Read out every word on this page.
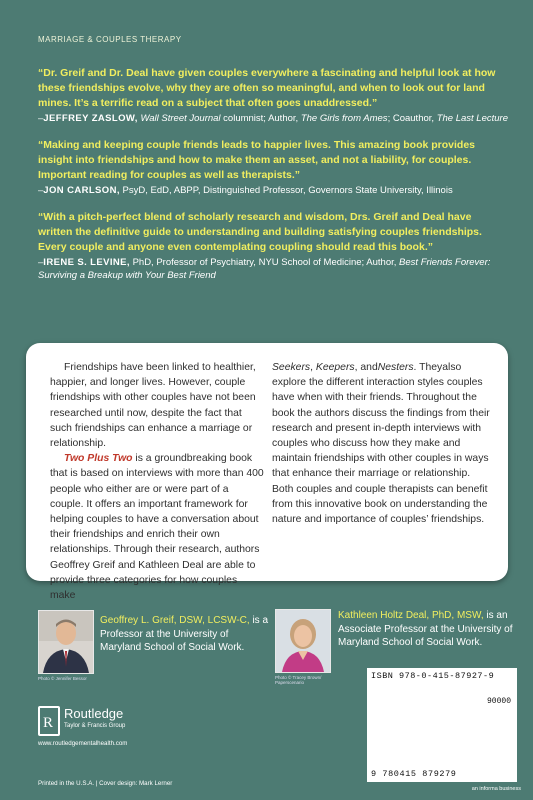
MARRIAGE & COUPLES THERAPY

“Dr. Greif and Dr. Deal have given couples everywhere a fascinating and helpful look at how these friendships evolve, why they are often so meaningful, and when to look out for land mines. It’s a terrific read on a subject that often goes unaddressed.”

–JEFFREY ZASLOW, Wall Street Journal columnist; Author, The Girls from Ames; Coauthor, The Last Lecture

“Making and keeping couple friends leads to happier lives. This amazing book provides insight into friendships and how to make them an asset, and not a liability, for couples. Important reading for couples as well as therapists.”

–JON CARLSON, PsyD, EdD, ABPP, Distinguished Professor, Governors State University, Illinois

“With a pitch-perfect blend of scholarly research and wisdom, Drs. Greif and Deal have written the definitive guide to understanding and building satisfying couples friendships. Every couple and anyone even contemplating coupling should read this book.”

–IRENE S. LEVINE, PhD, Professor of Psychiatry, NYU School of Medicine; Author, Best Friends Forever: Surviving a Breakup with Your Best Friend

Friendships have been linked to healthier, happier, and longer lives. However, couple friendships with other couples have not been researched until now, despite the fact that such friendships can enhance a marriage or relationship.

Two Plus Two is a groundbreaking book that is based on interviews with more than 400 people who either are or were part of a couple. It offers an important framework for helping couples to have a conversation about their friendships and enrich their own relationships. Through their research, authors Geoffrey Greif and Kathleen Deal are able to provide three categories for how couples make

Seekers, Keepers, andNesters. Theyalso explore the different interaction styles couples have when with their friends. Throughout the book the authors discuss the findings from their research and present in-depth interviews with couples who discuss how they make and maintain friendships with other couples in ways that enhance their marriage or relationship. Both couples and couple therapists can benefit from this innovative book on understanding the nature and importance of couples’ friendships.

Photo © Jennifer Bessor
Geoffrey L. Greif, DSW, LCSW-C, is a Professor at the University of Maryland School of Social Work.
Photo © Tracey Brown/ Paperscenario
Kathleen Holtz Deal, PhD, MSW, is an Associate Professor at the University of Maryland School of Social Work.
R
Routledge
Taylor & Francis Group
www.routledgementalhealth.com
Printed in the U.S.A. | Cover design: Mark Lerner
ISBN 978-0-415-87927-9
90000
9 780415 879279
an informa business
